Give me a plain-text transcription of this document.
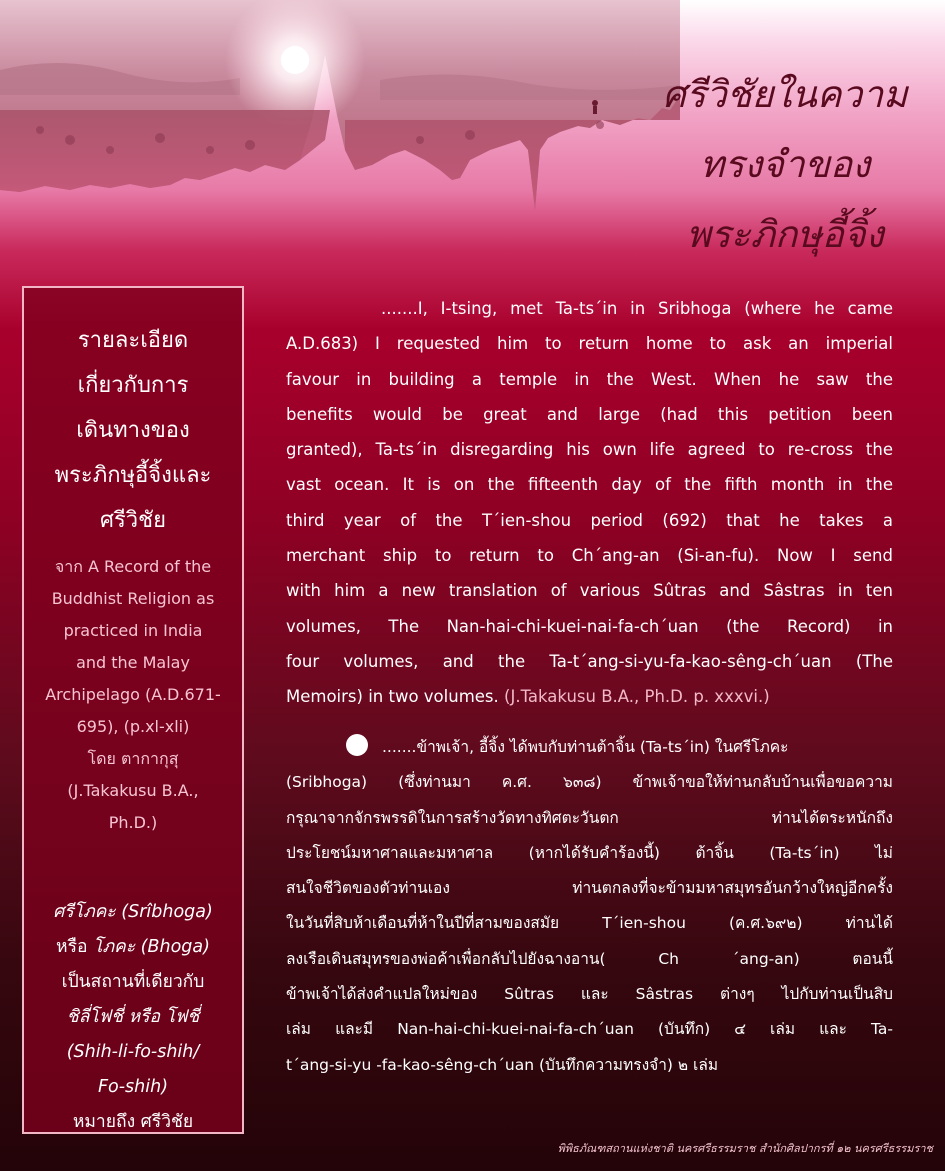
ศรีวิชัยในความ
ทรงจำของ
พระภิกษุอี้จิ้ง
รายละเอียด
เกี่ยวกับการ
เดินทางของ
พระภิกษุอี้จิ้งและ
ศรีวิชัย
จาก A Record of the
Buddhist Religion as
practiced in India
and the Malay
Archipelago (A.D.671-
695), (p.xl-xli)
โดย ตากากุสุ
(J.Takakusu B.A.,
Ph.D.)
ศรีโภคะ (Srîbhoga)
หรือ โภคะ (Bhoga)
เป็นสถานที่เดียวกับ
ชิลี่โฟชี่ หรือ โฟชี่
(Shih-li-fo-shih/
Fo-shih)
หมายถึง ศรีวิชัย
.......I, I-tsing, met Ta-ts´in in Sribhoga (where he came
A.D.683) I requested him to return home to ask an imperial
favour in building a temple in the West. When he saw the
benefits would be great and large (had this petition been
granted), Ta-ts´in disregarding his own life agreed to re-cross the
vast ocean. It is on the fifteenth day of the fifth month in the
third year of the T´ien-shou period (692) that he takes a
merchant ship to return to Ch´ang-an (Si-an-fu). Now I send
with him a new translation of various Sûtras and Sâstras in ten
volumes, The Nan-hai-chi-kuei-nai-fa-ch´uan (the Record) in
four volumes, and the Ta-t´ang-si-yu-fa-kao-sêng-ch´uan (The
Memoirs) in two volumes. (J.Takakusu B.A., Ph.D. p. xxxvi.)
.......ข้าพเจ้า, อี้จิ้ง ได้พบกับท่านต้าจิ้น (Ta-ts´in) ในศรีโภคะ
(Sribhoga) (ซึ่งท่านมา ค.ศ. ๖๓๘) ข้าพเจ้าขอให้ท่านกลับบ้านเพื่อขอความ
กรุณาจากจักรพรรดิในการสร้างวัดทางทิศตะวันตก ท่านได้ตระหนักถึง
ประโยชน์มหาศาลและมหาศาล (หากได้รับคำร้องนี้) ต้าจิ้น (Ta-ts´in) ไม่
สนใจชีวิตของตัวท่านเอง ท่านตกลงที่จะข้ามมหาสมุทรอันกว้างใหญ่อีกครั้ง
ในวันที่สิบห้าเดือนที่ห้าในปีที่สามของสมัย T´ien-shou (ค.ศ.๖๙๒) ท่านได้
ลงเรือเดินสมุทรของพ่อค้าเพื่อกลับไปยังฉางอาน( Ch ´ang-an) ตอนนี้
ข้าพเจ้าได้ส่งคำแปลใหม่ของ Sûtras และ Sâstras ต่างๆ ไปกับท่านเป็นสิบ
เล่ม และมี Nan-hai-chi-kuei-nai-fa-ch´uan (บันทึก) ๔ เล่ม และ Ta-
t´ang-si-yu -fa-kao-sêng-ch´uan (บันทึกความทรงจำ) ๒ เล่ม
พิพิธภัณฑสถานแห่งชาติ นครศรีธรรมราช สำนักศิลปากรที่ ๑๒ นครศรีธรรมราช
